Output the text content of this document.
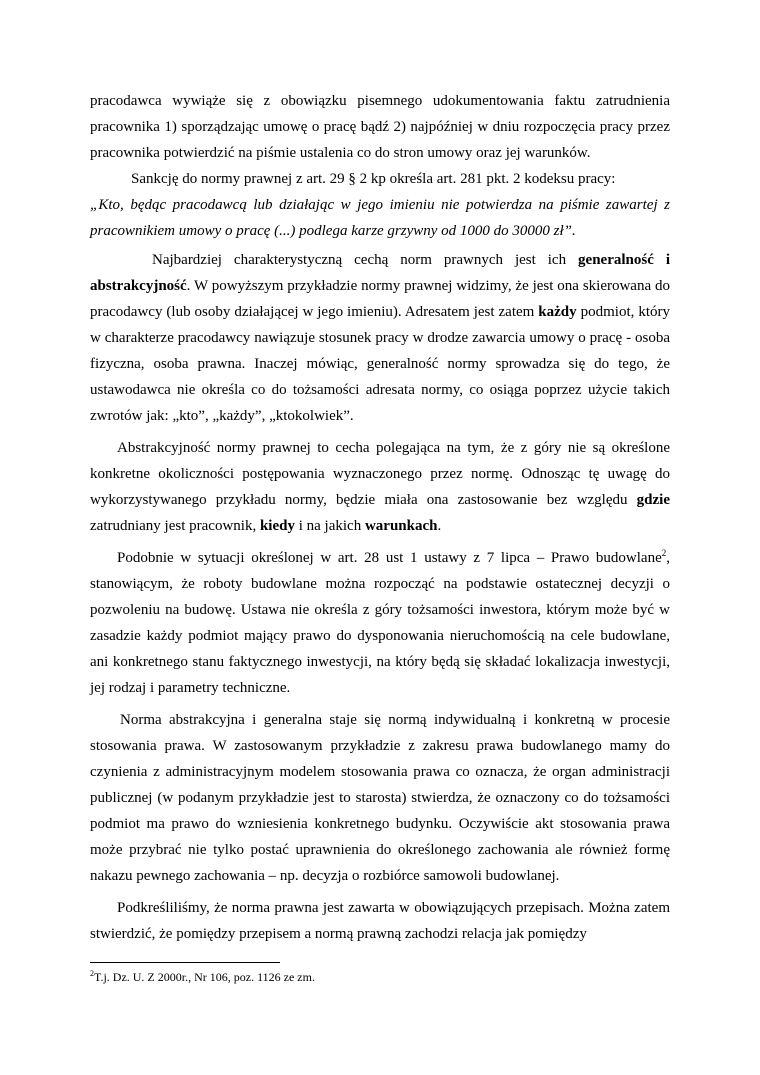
pracodawca wywiąże się z obowiązku pisemnego udokumentowania faktu zatrudnienia pracownika 1) sporządzając umowę o pracę bądź 2) najpóźniej w dniu rozpoczęcia pracy przez pracownika potwierdzić na piśmie ustalenia co do stron umowy oraz jej warunków.

Sankcję do normy prawnej z art. 29 § 2 kp określa art. 281 pkt. 2 kodeksu pracy:

„Kto, będąc pracodawcą lub działając w jego imieniu nie potwierdza na piśmie zawartej z pracownikiem umowy o pracę (...) podlega karze grzywny od 1000 do 30000 zł”.

Najbardziej charakterystyczną cechą norm prawnych jest ich generalność i abstrakcyjność. W powyższym przykładzie normy prawnej widzimy, że jest ona skierowana do pracodawcy (lub osoby działającej w jego imieniu). Adresatem jest zatem każdy podmiot, który w charakterze pracodawcy nawiązuje stosunek pracy w drodze zawarcia umowy o pracę - osoba fizyczna, osoba prawna. Inaczej mówiąc, generalność normy sprowadza się do tego, że ustawodawca nie określa co do tożsamości adresata normy, co osiąga poprzez użycie takich zwrotów jak: „kto”, „każdy”, „ktokolwiek”.

Abstrakcyjność normy prawnej to cecha polegająca na tym, że z góry nie są określone konkretne okoliczności postępowania wyznaczonego przez normę. Odnosząc tę uwagę do wykorzystywanego przykładu normy, będzie miała ona zastosowanie bez względu gdzie zatrudniany jest pracownik, kiedy i na jakich warunkach.

Podobnie w sytuacji określonej w art. 28 ust 1 ustawy z 7 lipca – Prawo budowlane$^2$, stanowiącym, że roboty budowlane można rozpocząć na podstawie ostatecznej decyzji o pozwoleniu na budowę. Ustawa nie określa z góry tożsamości inwestora, którym może być w zasadzie każdy podmiot mający prawo do dysponowania nieruchomością na cele budowlane, ani konkretnego stanu faktycznego inwestycji, na który będą się składać lokalizacja inwestycji, jej rodzaj i parametry techniczne.

Norma abstrakcyjna i generalna staje się normą indywidualną i konkretną w procesie stosowania prawa. W zastosowanym przykładzie z zakresu prawa budowlanego mamy do czynienia z administracyjnym modelem stosowania prawa co oznacza, że organ administracji publicznej (w podanym przykładzie jest to starosta) stwierdza, że oznaczony co do tożsamości podmiot ma prawo do wzniesienia konkretnego budynku. Oczywiście akt stosowania prawa może przybrać nie tylko postać uprawnienia do określonego zachowania ale również formę nakazu pewnego zachowania – np. decyzja o rozbiórce samowoli budowlanej.

Podkreśliliśmy, że norma prawna jest zawarta w obowiązujących przepisach. Można zatem stwierdzić, że pomiędzy przepisem a normą prawną zachodzi relacja jak pomiędzy

$^2$T.j. Dz. U. Z 2000r., Nr 106, poz. 1126 ze zm.
